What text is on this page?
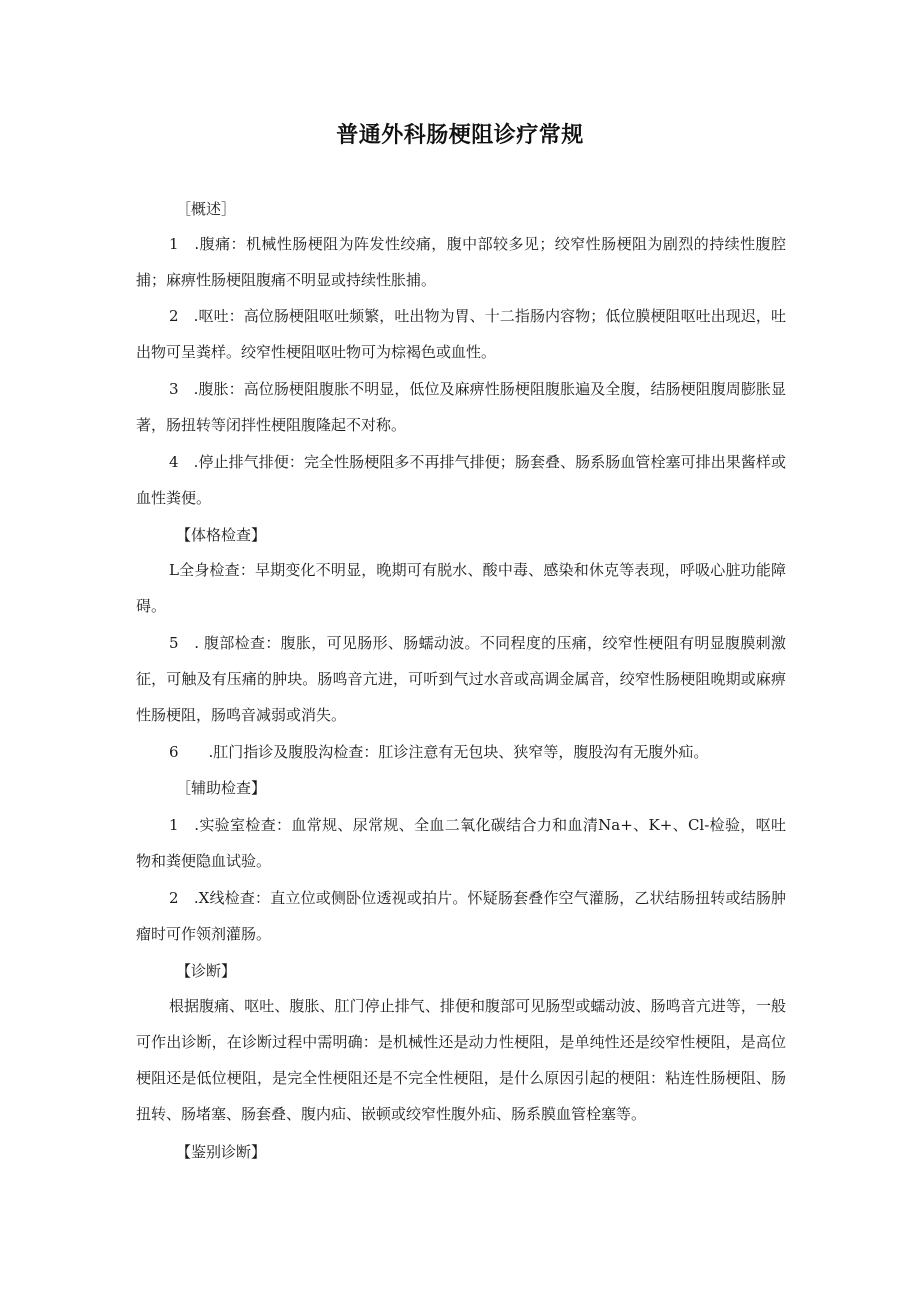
普通外科肠梗阻诊疗常规
［概述］
1　.腹痛：机械性肠梗阻为阵发性绞痛，腹中部较多见；绞窄性肠梗阻为剧烈的持续性腹腔捕；麻痹性肠梗阻腹痛不明显或持续性胀捕。
2　.呕吐：高位肠梗阻呕吐频繁，吐出物为胃、十二指肠内容物；低位膜梗阻呕吐出现迟，吐出物可呈粪样。绞窄性梗阻呕吐物可为棕褐色或血性。
3　.腹胀：高位肠梗阻腹胀不明显，低位及麻痹性肠梗阻腹胀遍及全腹，结肠梗阻腹周膨胀显著，肠扭转等闭拌性梗阻腹隆起不对称。
4　.停止排气排便：完全性肠梗阻多不再排气排便；肠套叠、肠系肠血管栓塞可排出果酱样或血性粪便。
【体格检查】
L全身检查：早期变化不明显，晚期可有脱水、酸中毒、感染和休克等表现，呼吸心脏功能障碍。
5　. 腹部检查：腹胀，可见肠形、肠蠕动波。不同程度的压痛，绞窄性梗阻有明显腹膜刺激征，可触及有压痛的肿块。肠鸣音亢进，可听到气过水音或高调金属音，绞窄性肠梗阻晚期或麻痹性肠梗阻，肠鸣音减弱或消失。
6　　.肛门指诊及腹股沟检查：肛诊注意有无包块、狭窄等，腹股沟有无腹外疝。
［辅助检查】
1　.实验室检查：血常规、尿常规、全血二氧化碳结合力和血清Na+、K+、Cl-检验，呕吐物和粪便隐血试验。
2　.X线检查：直立位或侧卧位透视或拍片。怀疑肠套叠作空气灌肠，乙状结肠扭转或结肠肿瘤时可作领剂灌肠。
【诊断】
根据腹痛、呕吐、腹胀、肛门停止排气、排便和腹部可见肠型或蠕动波、肠鸣音亢进等，一般可作出诊断，在诊断过程中需明确：是机械性还是动力性梗阻，是单纯性还是绞窄性梗阻，是高位梗阻还是低位梗阻，是完全性梗阻还是不完全性梗阻，是什么原因引起的梗阻：粘连性肠梗阻、肠扭转、肠堵塞、肠套叠、腹内疝、嵌顿或绞窄性腹外疝、肠系膜血管栓塞等。
【鉴别诊断】
